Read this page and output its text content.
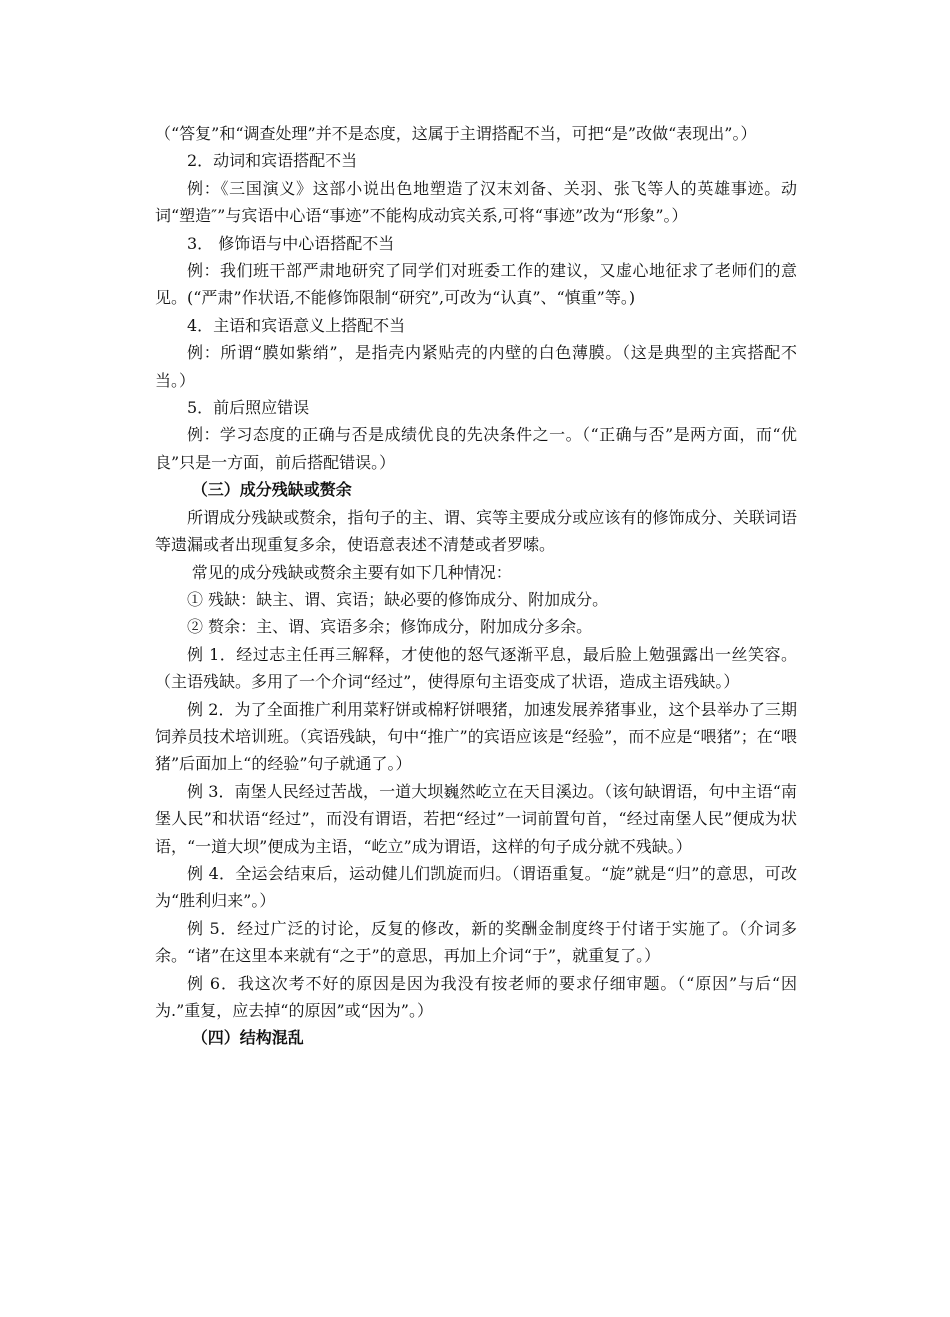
（“答复”和“调查处理”并不是态度，这属于主谓搭配不当，可把“是”改做“表现出”。）

2．动词和宾语搭配不当

例：《三国演义》这部小说出色地塑造了汉末刘备、关羽、张飞等人的英雄事迹。动词“塑造″”与宾语中心语“事迹”不能构成动宾关系,可将“事迹”改为“形象”。）

3． 修饰语与中心语搭配不当

例：我们班干部严肃地研究了同学们对班委工作的建议，又虚心地征求了老师们的意见。(“严肃”作状语,不能修饰限制“研究”,可改为“认真”、“慎重”等。)

4．主语和宾语意义上搭配不当

例：所谓“膜如紫绡”，是指壳内紧贴壳的内壁的白色薄膜。（这是典型的主宾搭配不当。）

5．前后照应错误

例：学习态度的正确与否是成绩优良的先决条件之一。（“正确与否”是两方面，而“优良”只是一方面，前后搭配错误。）

（三）成分残缺或赘余

所谓成分残缺或赘余，指句子的主、谓、宾等主要成分或应该有的修饰成分、关联词语等遗漏或者出现重复多余，使语意表述不清楚或者罗嗦。

常见的成分残缺或赘余主要有如下几种情况：

① 残缺：缺主、谓、宾语；缺必要的修饰成分、附加成分。

② 赘余：主、谓、宾语多余；修饰成分，附加成分多余。

例 1．经过志主任再三解释，才使他的怒气逐渐平息，最后脸上勉强露出一丝笑容。（主语残缺。多用了一个介词“经过”，使得原句主语变成了状语，造成主语残缺。）

例 2．为了全面推广利用菜籽饼或棉籽饼喂猪，加速发展养猪事业，这个县举办了三期饲养员技术培训班。（宾语残缺，句中“推广”的宾语应该是“经验”，而不应是“喂猪”；在“喂猪”后面加上“的经验”句子就通了。）

例 3．南堡人民经过苦战，一道大坝巍然屹立在天目溪边。（该句缺谓语，句中主语“南堡人民”和状语“经过”，而没有谓语，若把“经过”一词前置句首，“经过南堡人民”便成为状语，“一道大坝”便成为主语，“屹立”成为谓语，这样的句子成分就不残缺。）

例 4．全运会结束后，运动健儿们凯旋而归。（谓语重复。“旋”就是“归”的意思，可改为“胜利归来”。）

例 5．经过广泛的讨论，反复的修改，新的奖酬金制度终于付诸于实施了。（介词多余。“诸”在这里本来就有“之于”的意思，再加上介词“于”，就重复了。）

例 6．我这次考不好的原因是因为我没有按老师的要求仔细审题。（“原因”与后“因为.”重复，应去掉“的原因”或“因为”。）

（四）结构混乱
